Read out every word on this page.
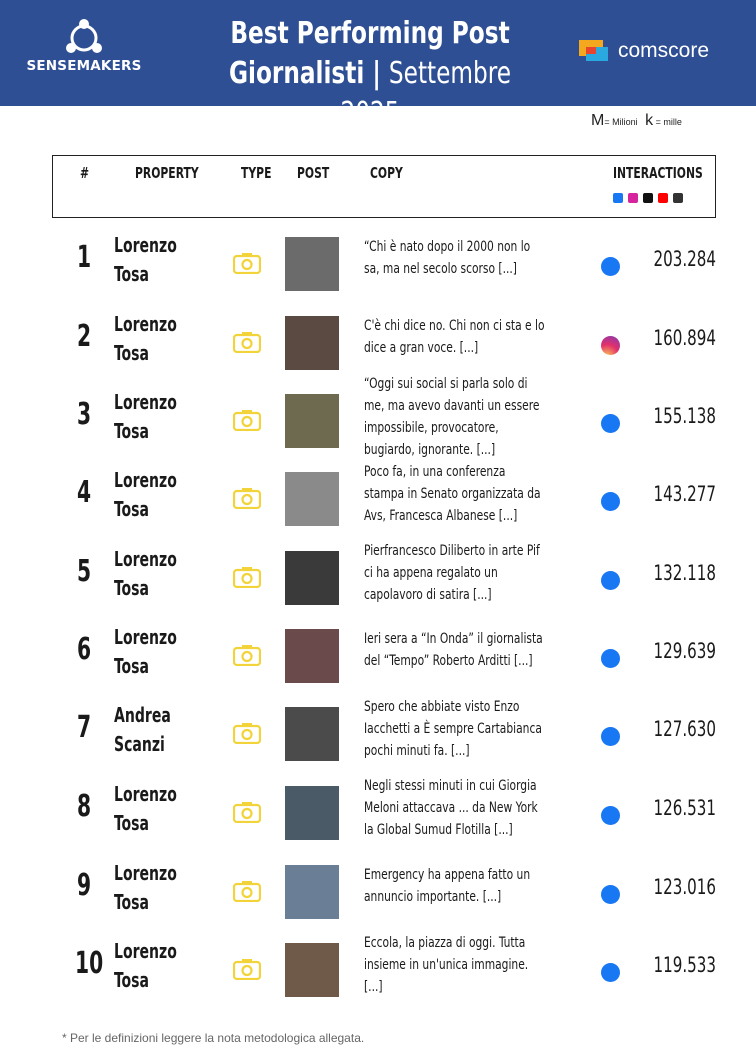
SENSEMAKERS
Best Performing Post
Giornalisti | Settembre 2025
comscore
M= Milioni k = mille
#	PROPERTY	TYPE POST	COPY	INTERACTIONS
1 Lorenzo
Tosa
“Chi è nato dopo il 2000 non lo
sa, ma nel secolo scorso [...]	203.284
2 Lorenzo
Tosa
C'è chi dice no. Chi non ci sta e lo
dice a gran voce. [...]	160.894
3 Lorenzo
Tosa
“Oggi sui social si parla solo di
me, ma avevo davanti un essere
impossibile, provocatore,
bugiardo, ignorante. [...]
155.138
4 Lorenzo
Tosa
Poco fa, in una conferenza
stampa in Senato organizzata da
Avs, Francesca Albanese [...]
143.277
5 Lorenzo
Tosa
Pierfrancesco Diliberto in arte Pif
ci ha appena regalato un
capolavoro di satira [...]
132.118
6 Lorenzo
Tosa
Ieri sera a “In Onda” il giornalista
del “Tempo” Roberto Arditti [...]	129.639
7 Andrea
Scanzi
Spero che abbiate visto Enzo
Iacchetti a È sempre Cartabianca
pochi minuti fa. [...]
127.630
8 Lorenzo
Tosa
Negli stessi minuti in cui Giorgia
Meloni attaccava ... da New York
la Global Sumud Flotilla [...]
126.531
9 Lorenzo
Tosa
Emergency ha appena fatto un
annuncio importante. [...]	123.016
10 Lorenzo
Tosa
Eccola, la piazza di oggi. Tutta
insieme in un'unica immagine.
[...]
119.533
* Per le definizioni leggere la nota metodologica allegata.
